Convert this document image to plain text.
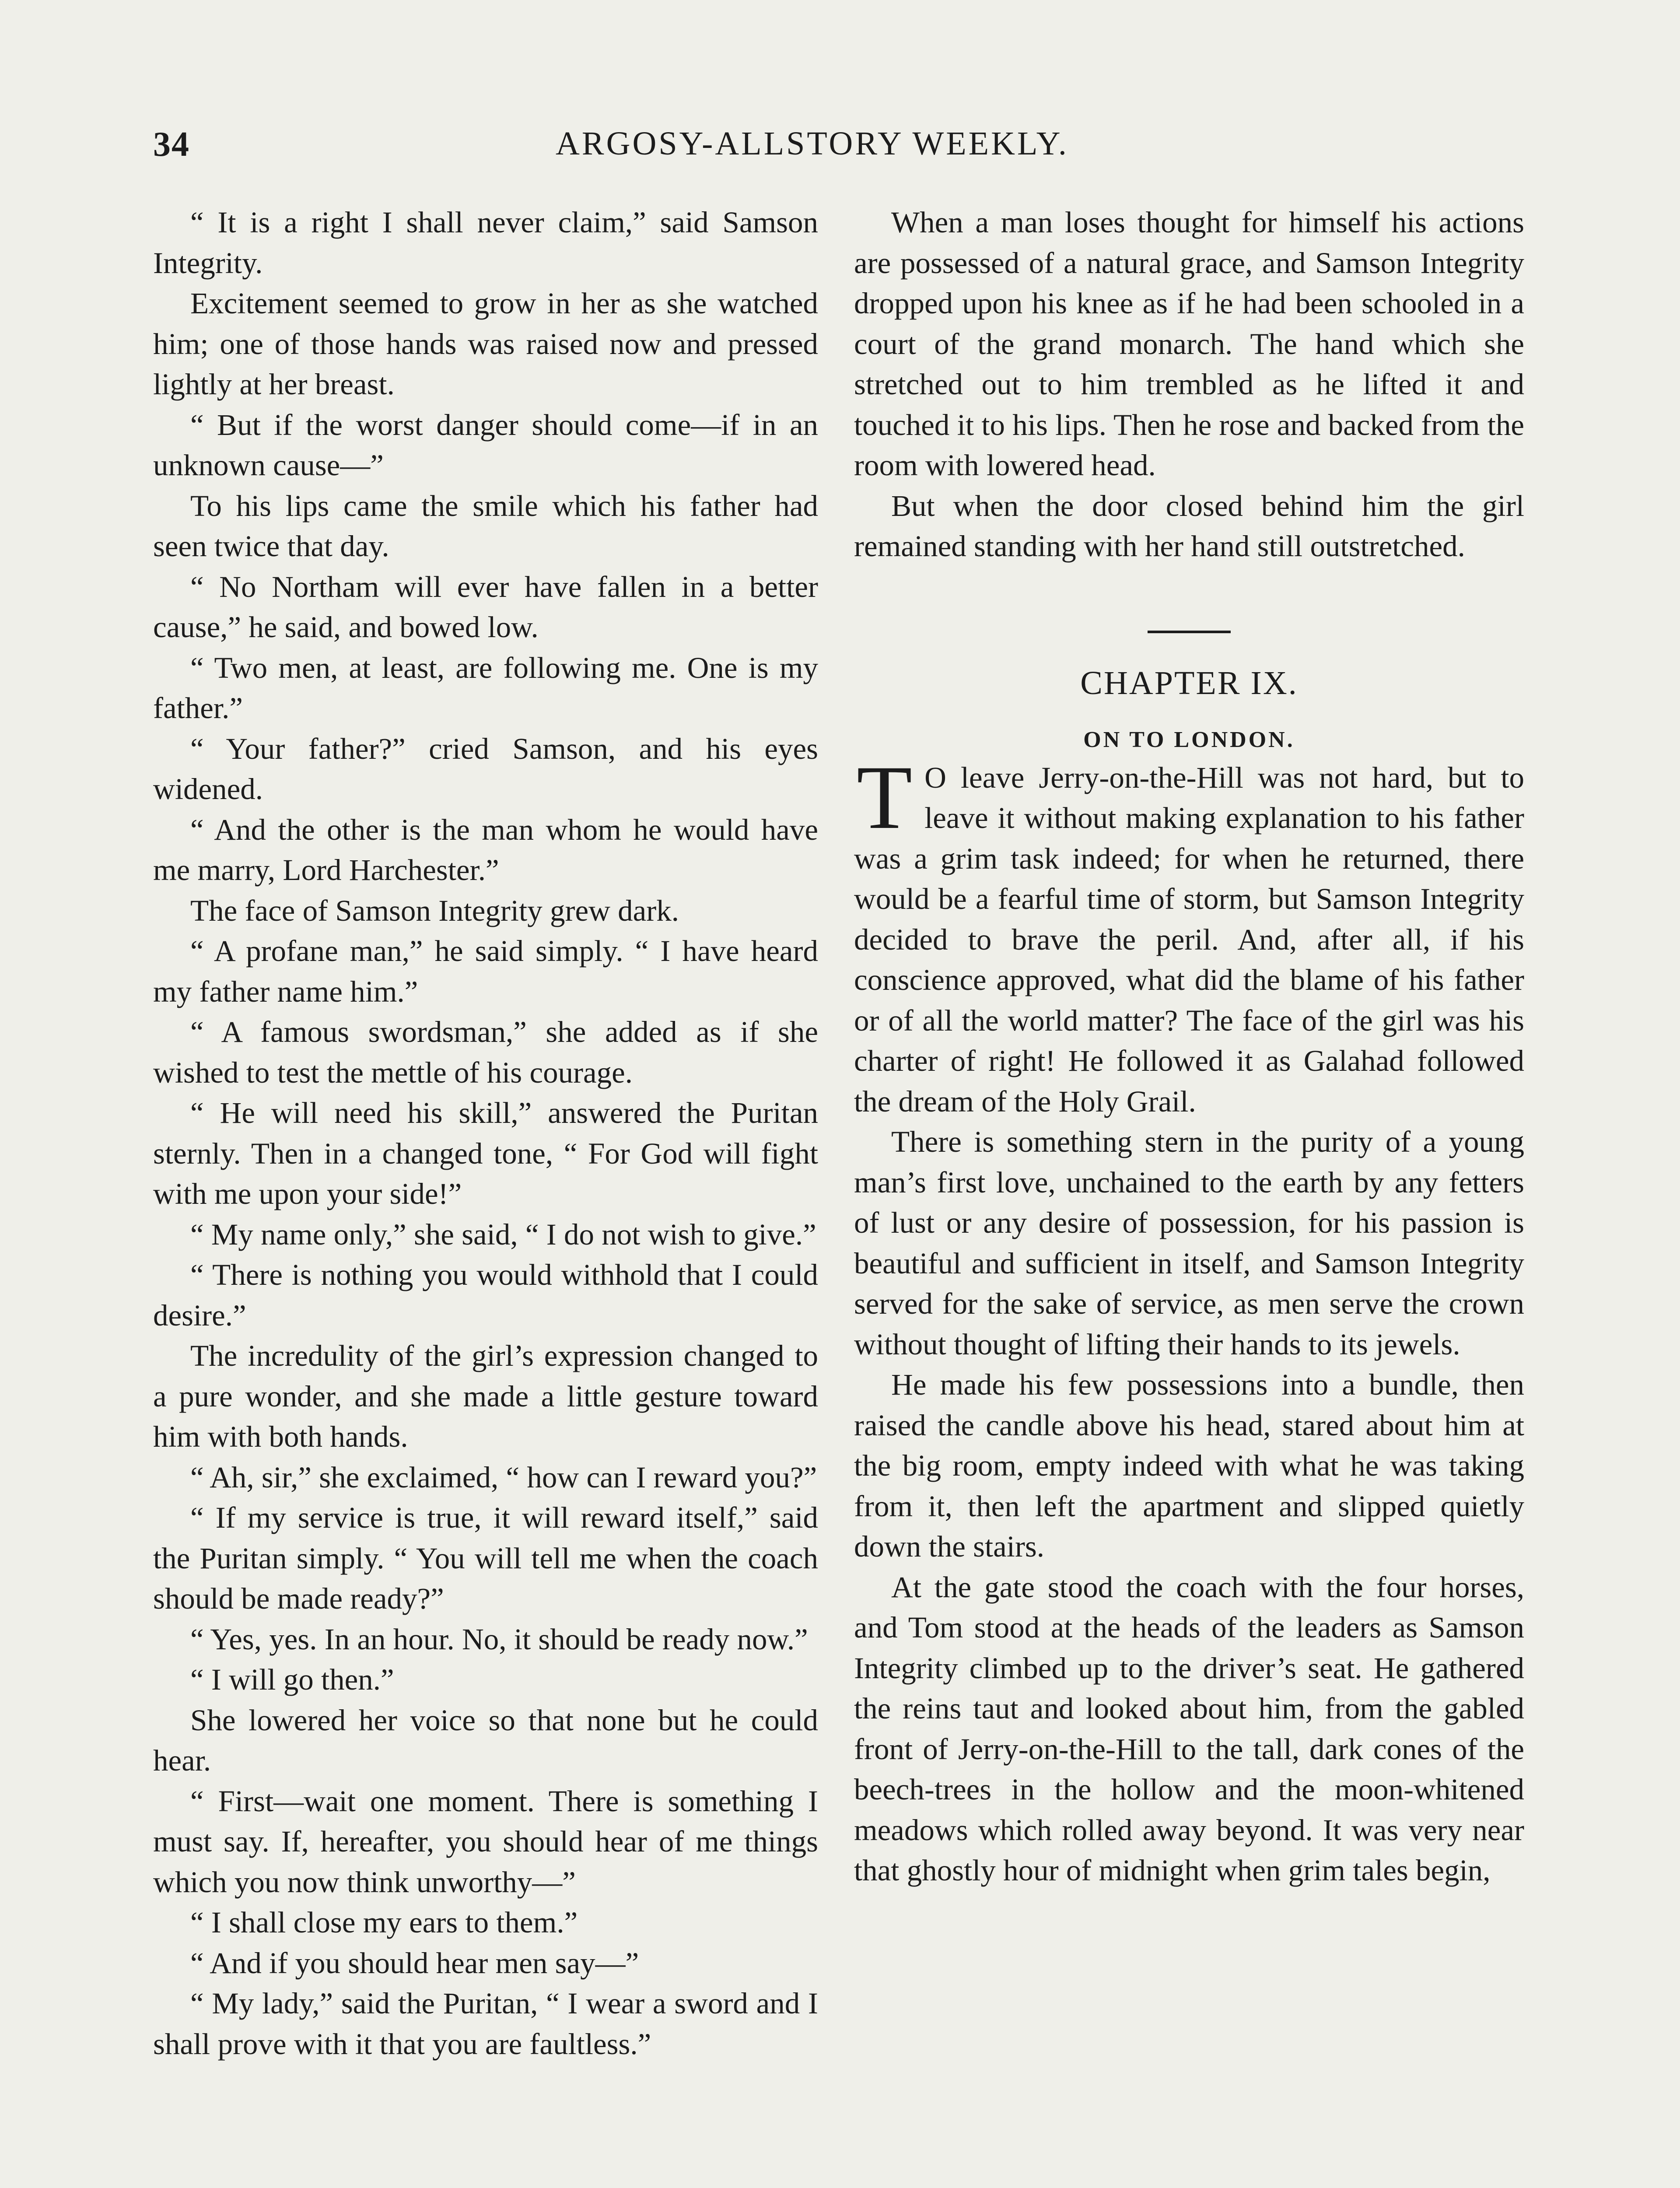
34	ARGOSY-ALLSTORY WEEKLY.

“ It is a right I shall never claim,” said Samson Integrity.

Excitement seemed to grow in her as she watched him; one of those hands was raised now and pressed lightly at her breast.

“ But if the worst danger should come—if in an unknown cause—”

To his lips came the smile which his father had seen twice that day.

“ No Northam will ever have fallen in a better cause,” he said, and bowed low.

“ Two men, at least, are following me. One is my father.”

“ Your father?” cried Samson, and his eyes widened.

“ And the other is the man whom he would have me marry, Lord Harchester.”

The face of Samson Integrity grew dark.

“ A profane man,” he said simply. “ I have heard my father name him.”

“ A famous swordsman,” she added as if she wished to test the mettle of his courage.

“ He will need his skill,” answered the Puritan sternly. Then in a changed tone, “ For God will fight with me upon your side!”

“ My name only,” she said, “ I do not wish to give.”

“ There is nothing you would withhold that I could desire.”

The incredulity of the girl’s expression changed to a pure wonder, and she made a little gesture toward him with both hands.

“ Ah, sir,” she exclaimed, “ how can I reward you?”

“ If my service is true, it will reward itself,” said the Puritan simply. “ You will tell me when the coach should be made ready?”

“ Yes, yes. In an hour. No, it should be ready now.”

“ I will go then.”

She lowered her voice so that none but he could hear.

“ First—wait one moment. There is something I must say. If, hereafter, you should hear of me things which you now think unworthy—”

“ I shall close my ears to them.”

“ And if you should hear men say—”

“ My lady,” said the Puritan, “ I wear a sword and I shall prove with it that you are faultless.”

When a man loses thought for himself his actions are possessed of a natural grace, and Samson Integrity dropped upon his knee as if he had been schooled in a court of the grand monarch. The hand which she stretched out to him trembled as he lifted it and touched it to his lips. Then he rose and backed from the room with lowered head.

But when the door closed behind him the girl remained standing with her hand still outstretched.

CHAPTER IX.
ON TO LONDON.

T O leave Jerry-on-the-Hill was not hard, but to leave it without making explanation to his father was a grim task indeed; for when he returned, there would be a fearful time of storm, but Samson Integrity decided to brave the peril. And, after all, if his conscience approved, what did the blame of his father or of all the world matter? The face of the girl was his charter of right! He followed it as Galahad followed the dream of the Holy Grail.

There is something stern in the purity of a young man’s first love, unchained to the earth by any fetters of lust or any desire of possession, for his passion is beautiful and sufficient in itself, and Samson Integrity served for the sake of service, as men serve the crown without thought of lifting their hands to its jewels.

He made his few possessions into a bundle, then raised the candle above his head, stared about him at the big room, empty indeed with what he was taking from it, then left the apartment and slipped quietly down the stairs.

At the gate stood the coach with the four horses, and Tom stood at the heads of the leaders as Samson Integrity climbed up to the driver’s seat. He gathered the reins taut and looked about him, from the gabled front of Jerry-on-the-Hill to the tall, dark cones of the beech-trees in the hollow and the moon-whitened meadows which rolled away beyond. It was very near that ghostly hour of midnight when grim tales begin,
